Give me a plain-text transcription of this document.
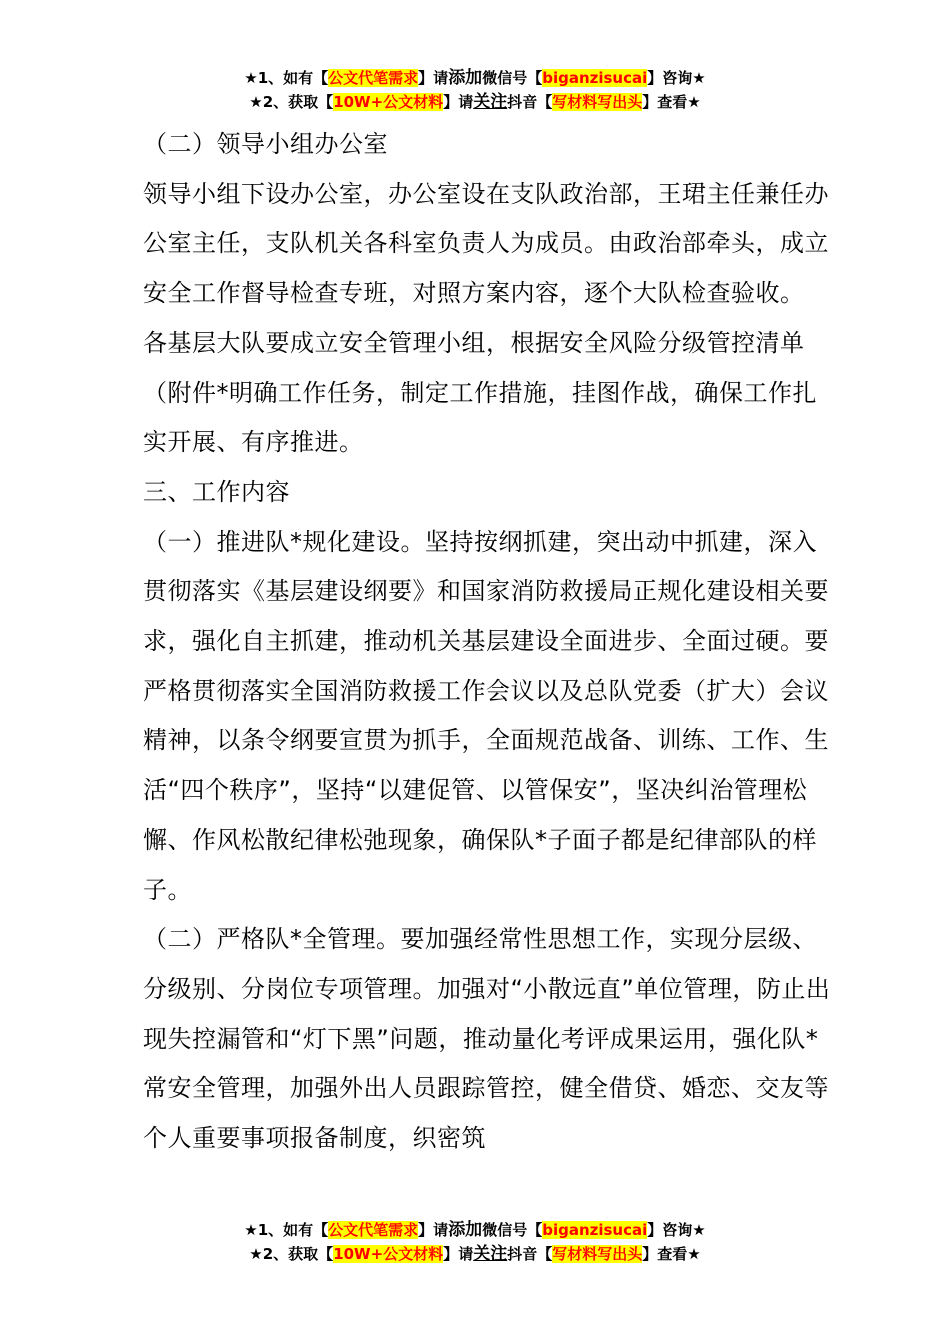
★1、如有【公文代笔需求】请添加微信号【biganzisucai】咨询★
★2、获取【10W+公文材料】请关注抖音【写材料写出头】查看★

（二）领导小组办公室

领导小组下设办公室，办公室设在支队政治部，王珺主任兼任办公室主任，支队机关各科室负责人为成员。由政治部牵头，成立安全工作督导检查专班，对照方案内容，逐个大队检查验收。

各基层大队要成立安全管理小组，根据安全风险分级管控清单（附件*明确工作任务，制定工作措施，挂图作战，确保工作扎实开展、有序推进。

三、工作内容

（一）推进队*规化建设。坚持按纲抓建，突出动中抓建，深入贯彻落实《基层建设纲要》和国家消防救援局正规化建设相关要求，强化自主抓建，推动机关基层建设全面进步、全面过硬。要严格贯彻落实全国消防救援工作会议以及总队党委（扩大）会议精神，以条令纲要宣贯为抓手，全面规范战备、训练、工作、生活“四个秩序”，坚持“以建促管、以管保安”，坚决纠治管理松懈、作风松散纪律松弛现象，确保队*子面子都是纪律部队的样子。

（二）严格队*全管理。要加强经常性思想工作，实现分层级、分级别、分岗位专项管理。加强对“小散远直”单位管理，防止出现失控漏管和“灯下黑”问题，推动量化考评成果运用，强化队*常安全管理，加强外出人员跟踪管控，健全借贷、婚恋、交友等个人重要事项报备制度，织密筑

★1、如有【公文代笔需求】请添加微信号【biganzisucai】咨询★
★2、获取【10W+公文材料】请关注抖音【写材料写出头】查看★
